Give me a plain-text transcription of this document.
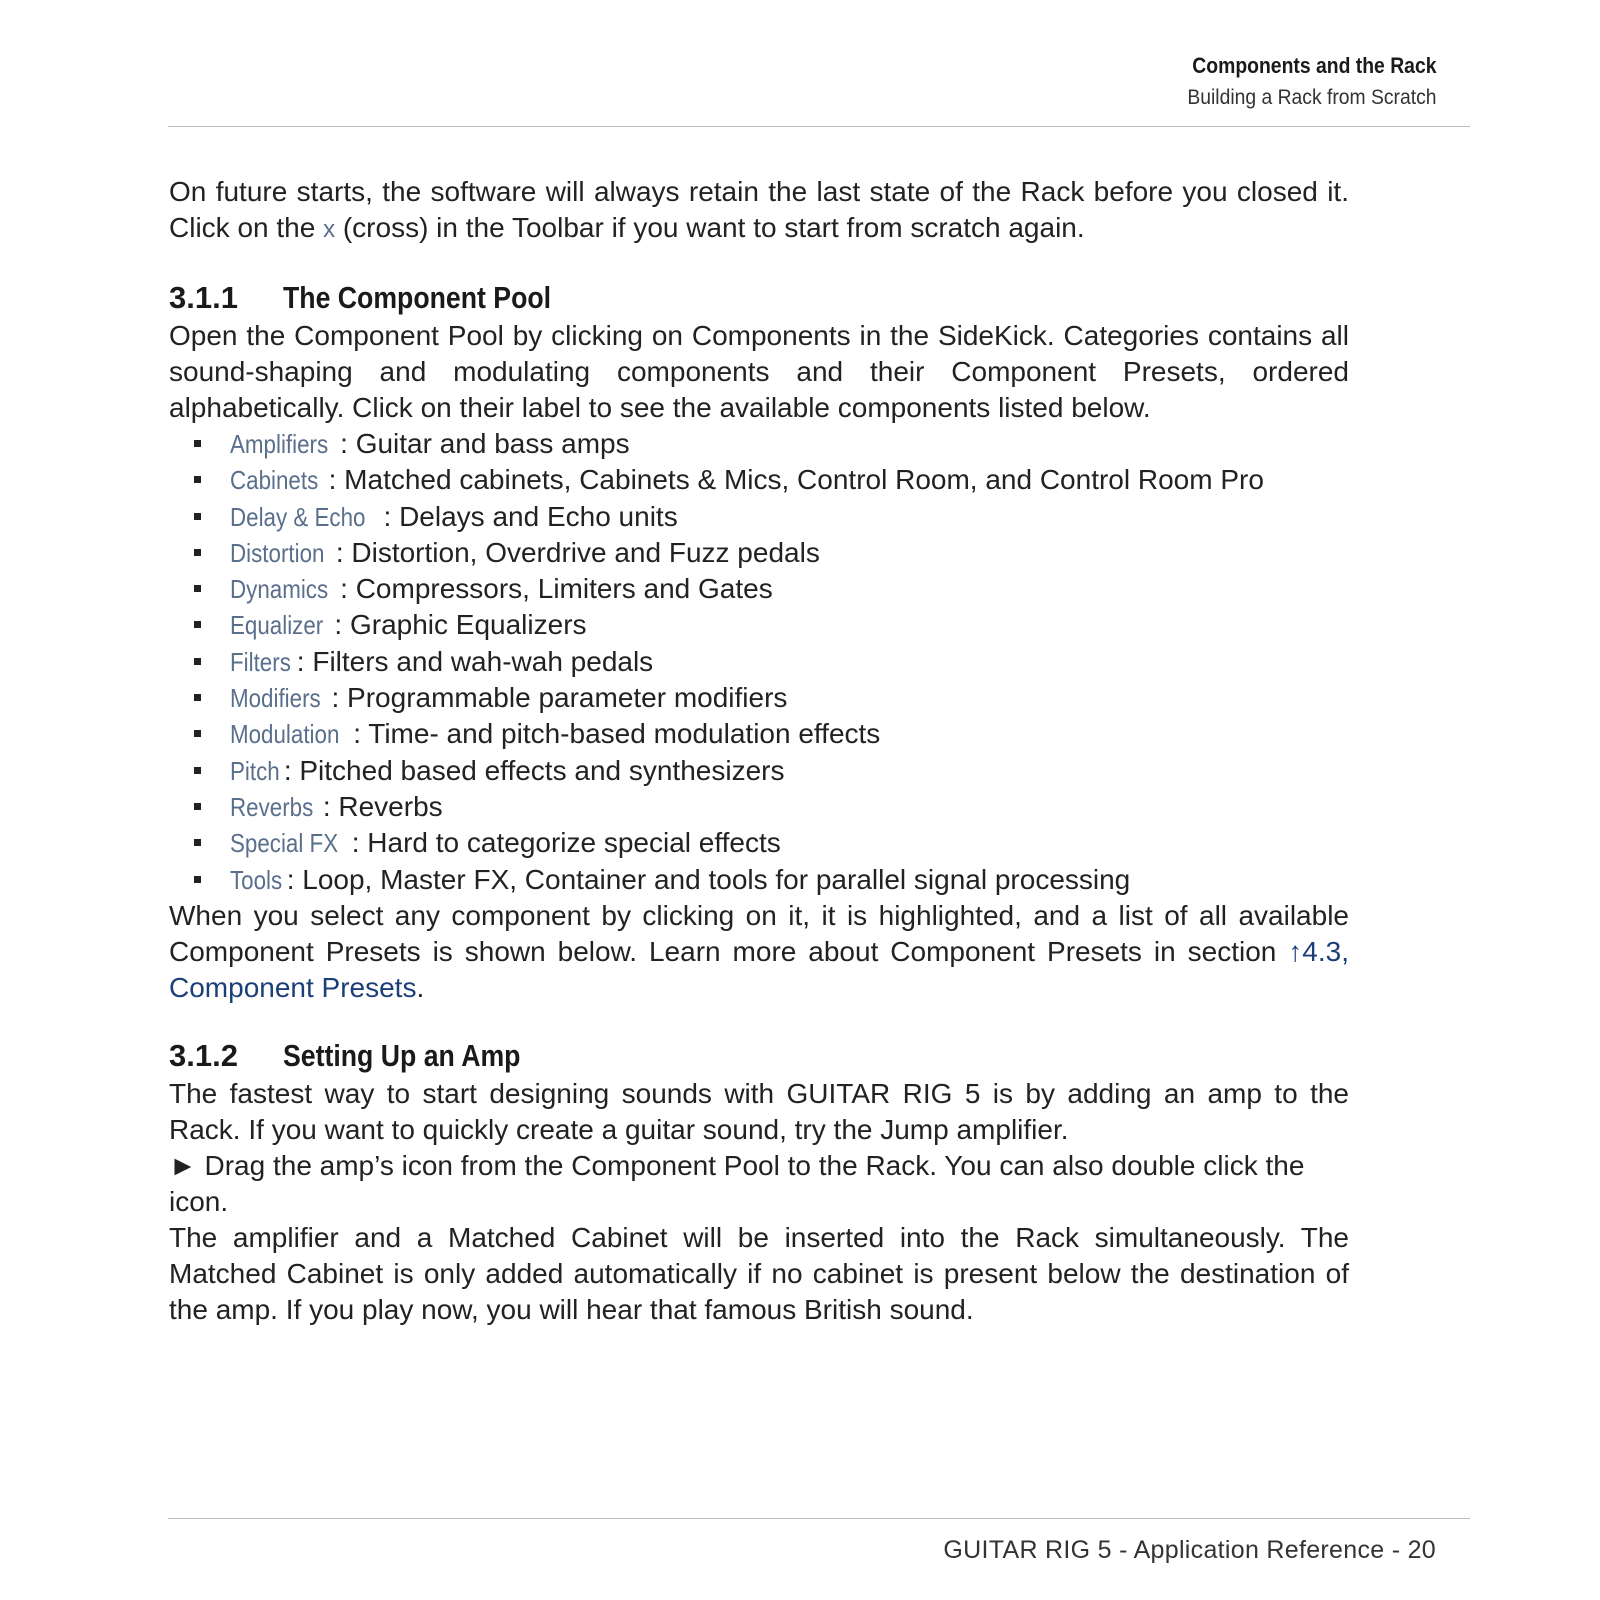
Components and the Rack
Building a Rack from Scratch

On future starts, the software will always retain the last state of the Rack before you closed it. Click on the x (cross) in the Toolbar if you want to start from scratch again.

3.1.1 The Component Pool

Open the Component Pool by clicking on Components in the SideKick. Categories contains all sound-shaping and modulating components and their Component Presets, ordered alphabetically. Click on their label to see the available components listed below.

Amplifiers : Guitar and bass amps
Cabinets : Matched cabinets, Cabinets & Mics, Control Room, and Control Room Pro
Delay & Echo : Delays and Echo units
Distortion : Distortion, Overdrive and Fuzz pedals
Dynamics : Compressors, Limiters and Gates
Equalizer : Graphic Equalizers
Filters : Filters and wah-wah pedals
Modifiers : Programmable parameter modifiers
Modulation : Time- and pitch-based modulation effects
Pitch : Pitched based effects and synthesizers
Reverbs : Reverbs
Special FX : Hard to categorize special effects
Tools : Loop, Master FX, Container and tools for parallel signal processing

When you select any component by clicking on it, it is highlighted, and a list of all available Component Presets is shown below. Learn more about Component Presets in section ↑4.3, Component Presets.

3.1.2 Setting Up an Amp

The fastest way to start designing sounds with GUITAR RIG 5 is by adding an amp to the Rack. If you want to quickly create a guitar sound, try the Jump amplifier.

► Drag the amp’s icon from the Component Pool to the Rack. You can also double click the icon.

The amplifier and a Matched Cabinet will be inserted into the Rack simultaneously. The Matched Cabinet is only added automatically if no cabinet is present below the destination of the amp. If you play now, you will hear that famous British sound.

GUITAR RIG 5 - Application Reference - 20
